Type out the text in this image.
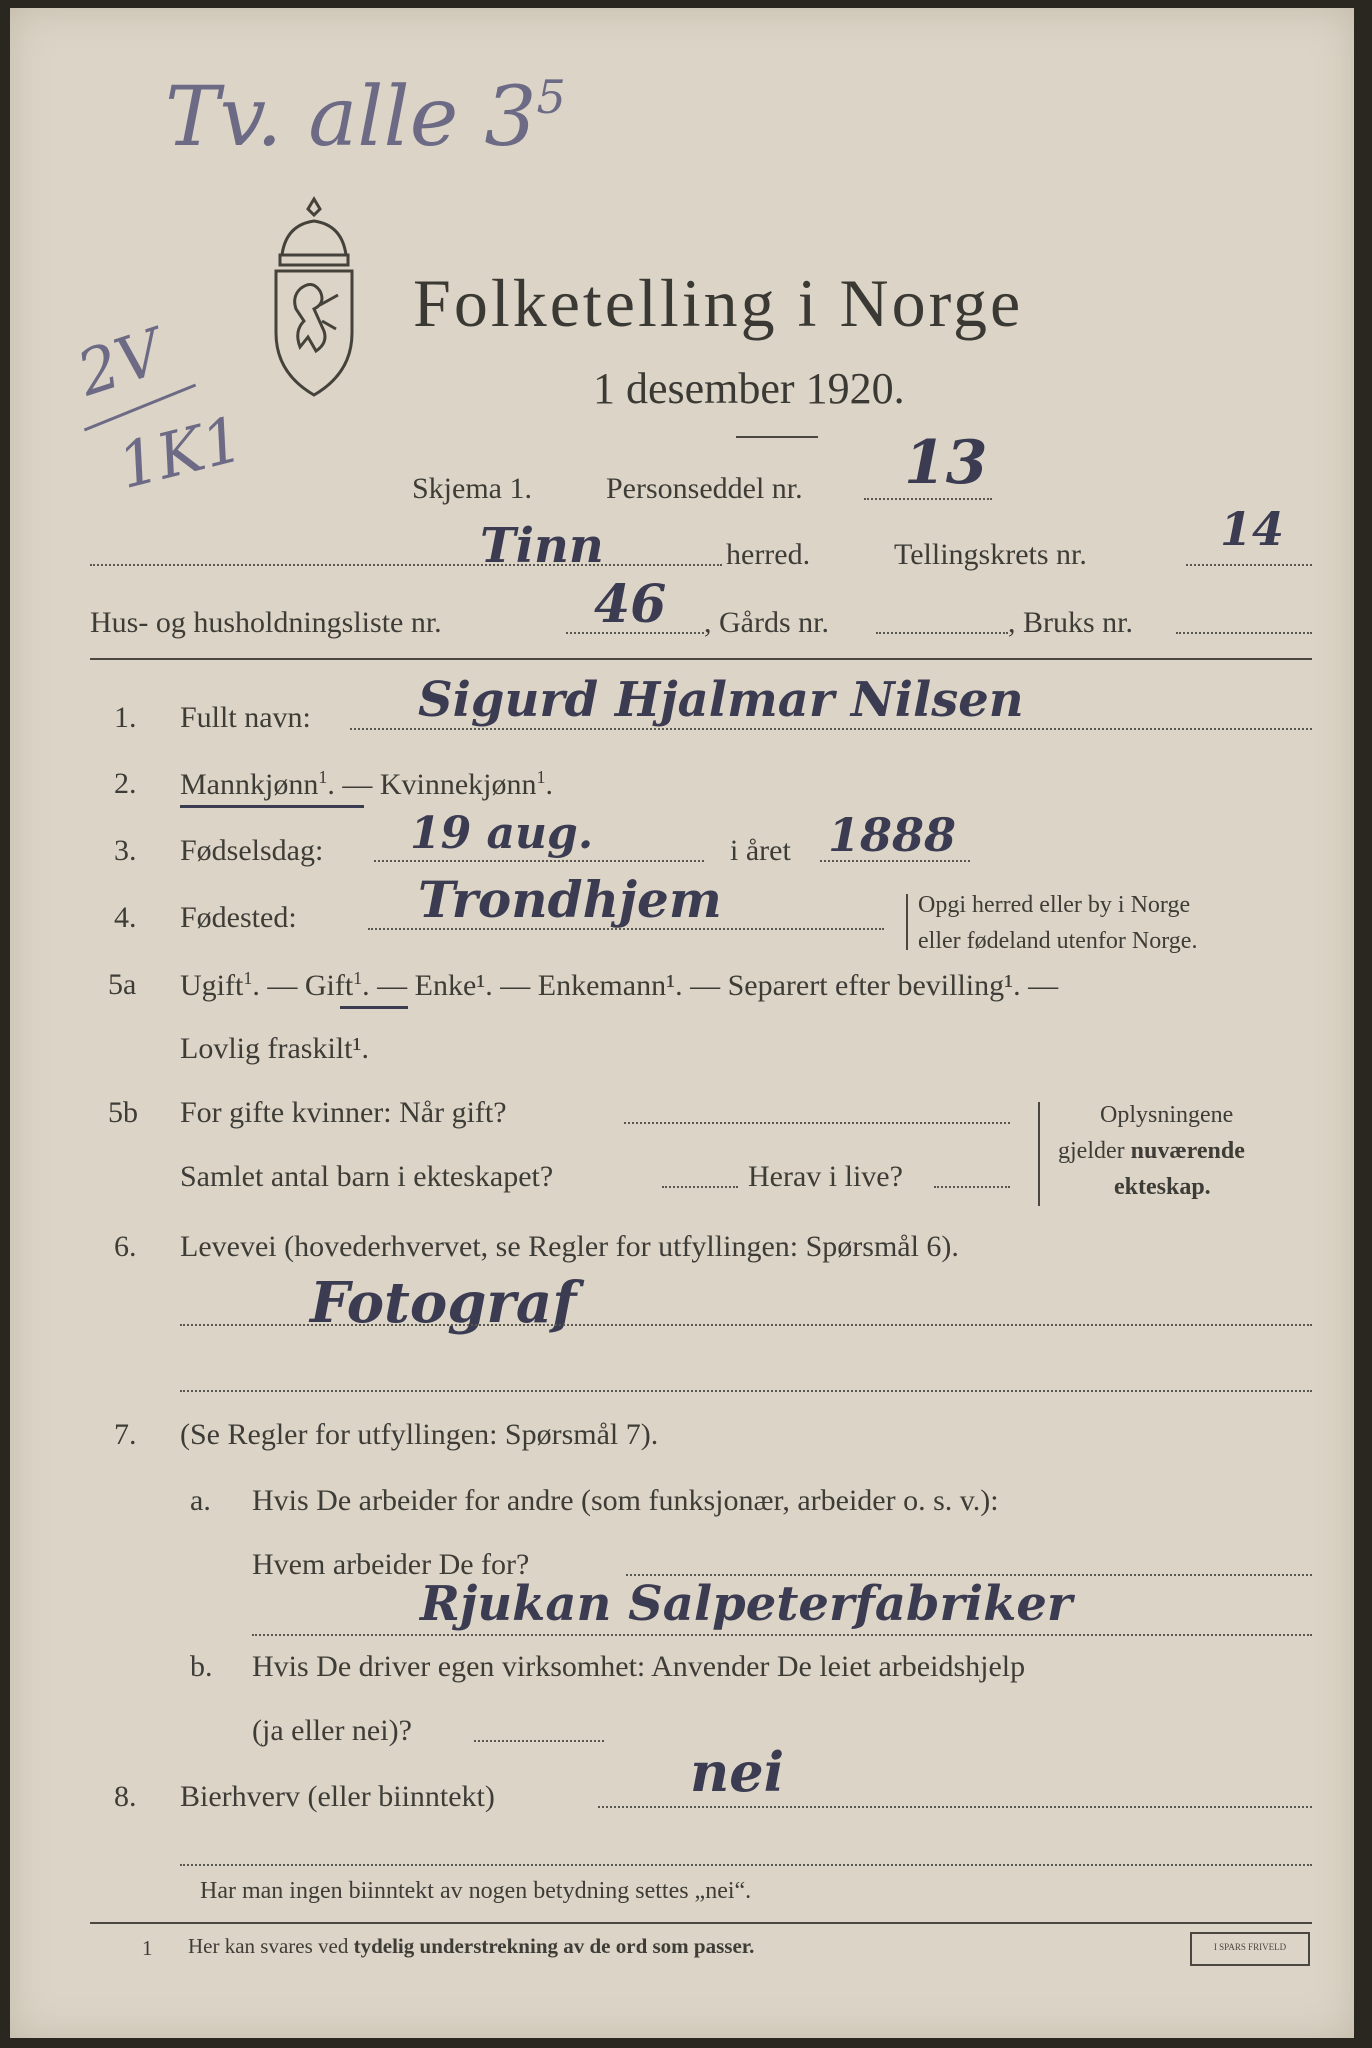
Tv. alle $3^5$
2V
1K1
Folketelling i Norge
1 desember 1920.
Skjema 1. Personseddel nr. 13
Tinn	herred.	Tellingskrets nr.	14
Hus- og husholdningsliste nr.	46 , Gårds nr.	, Bruks nr.
1. Fullt navn: Sigurd Hjalmar Nilsen
2. Mannkjønn$^1$. — Kvinnekjønn$^1$.
3. Fødselsdag: 19 aug.	i året 1888
4. Fødested: Trondhjem	Opgi herred eller by i Norge
eller fødeland utenfor Norge.
5a Ugift$^1$. — Gift$^1$. — Enke¹. — Enkemann¹. — Separert efter bevilling¹. —
Lovlig fraskilt¹.
5b For gifte kvinner: Når gift?
Samlet antal barn i ekteskapet?	Herav i live?
Oplysningene
gjelder nuværende
ekteskap.
6. Levevei (hovederhvervet, se Regler for utfyllingen: Spørsmål 6).
Fotograf
7. (Se Regler for utfyllingen: Spørsmål 7).
a. Hvis De arbeider for andre (som funksjonær, arbeider o. s. v.):
Hvem arbeider De for?
Rjukan Salpeterfabriker
b. Hvis De driver egen virksomhet: Anvender De leiet arbeidshjelp
(ja eller nei)?
8. Bierhverv (eller biinntekt)	nei
Har man ingen biinntekt av nogen betydning settes „nei“.
1 Her kan svares ved tydelig understrekning av de ord som passer.	I SPARS FRIVELD
